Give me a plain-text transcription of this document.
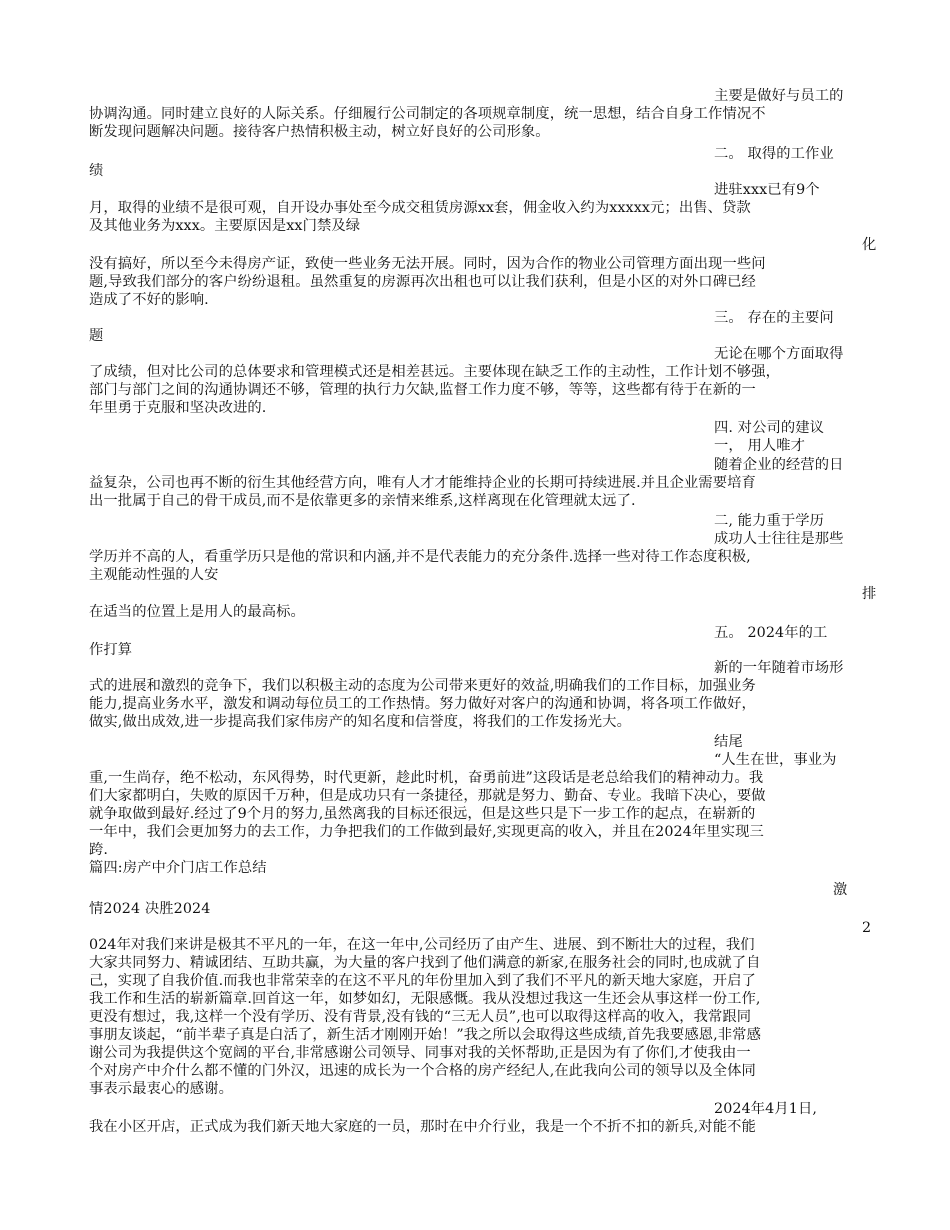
主要是做好与员工的
协调沟通。同时建立良好的人际关系。仔细履行公司制定的各项规章制度，统一思想，结合自身工作情况不
断发现问题解决问题。接待客户热情积极主动，树立好良好的公司形象。
二。 取得的工作业
绩
进驻xxx已有9个
月，取得的业绩不是很可观，自开设办事处至今成交租赁房源xx套，佣金收入约为xxxxx元；出售、贷款
及其他业务为xxx。主要原因是xx门禁及绿
化
没有搞好，所以至今未得房产证，致使一些业务无法开展。同时，因为合作的物业公司管理方面出现一些问
题,导致我们部分的客户纷纷退租。虽然重复的房源再次出租也可以让我们获利，但是小区的对外口碑已经
造成了不好的影响.
三。 存在的主要问
题
无论在哪个方面取得
了成绩，但对比公司的总体要求和管理模式还是相差甚远。主要体现在缺乏工作的主动性，工作计划不够强，
部门与部门之间的沟通协调还不够，管理的执行力欠缺,监督工作力度不够，等等，这些都有待于在新的一
年里勇于克服和坚决改进的.
四. 对公司的建议
一， 用人唯才
随着企业的经营的日
益复杂，公司也再不断的衍生其他经营方向，唯有人才才能维持企业的长期可持续进展.并且企业需要培育
出一批属于自己的骨干成员,而不是依靠更多的亲情来维系,这样离现在化管理就太远了.
二, 能力重于学历
成功人士往往是那些
学历并不高的人，看重学历只是他的常识和内涵,并不是代表能力的充分条件.选择一些对待工作态度积极,
主观能动性强的人安
排
在适当的位置上是用人的最高标。
五。 2024年的工
作打算
新的一年随着市场形
式的进展和激烈的竞争下，我们以积极主动的态度为公司带来更好的效益,明确我们的工作目标，加强业务
能力,提高业务水平，激发和调动每位员工的工作热情。努力做好对客户的沟通和协调，将各项工作做好，
做实,做出成效,进一步提高我们家伟房产的知名度和信誉度，将我们的工作发扬光大。
结尾
“人生在世，事业为
重,一生尚存，绝不松动，东风得势，时代更新，趁此时机，奋勇前进”这段话是老总给我们的精神动力。我
们大家都明白，失败的原因千万种，但是成功只有一条捷径，那就是努力、勤奋、专业。我暗下决心，要做
就争取做到最好.经过了9个月的努力,虽然离我的目标还很远，但是这些只是下一步工作的起点，在崭新的
一年中，我们会更加努力的去工作，力争把我们的工作做到最好,实现更高的收入，并且在2024年里实现三
跨.
篇四:房产中介门店工作总结
激
情2024 决胜2024
2
024年对我们来讲是极其不平凡的一年，在这一年中,公司经历了由产生、进展、到不断壮大的过程，我们
大家共同努力、精诚团结、互助共赢，为大量的客户找到了他们满意的新家,在服务社会的同时,也成就了自
己，实现了自我价值.而我也非常荣幸的在这不平凡的年份里加入到了我们不平凡的新天地大家庭，开启了
我工作和生活的崭新篇章.回首这一年，如梦如幻，无限感慨。我从没想过我这一生还会从事这样一份工作,
更没有想过，我,这样一个没有学历、没有背景,没有钱的“三无人员”,也可以取得这样高的收入，我常跟同
事朋友谈起，“前半辈子真是白活了，新生活才刚刚开始！”我之所以会取得这些成绩,首先我要感恩,非常感
谢公司为我提供这个宽阔的平台,非常感谢公司领导、同事对我的关怀帮助,正是因为有了你们,才使我由一
个对房产中介什么都不懂的门外汉，迅速的成长为一个合格的房产经纪人,在此我向公司的领导以及全体同
事表示最衷心的感谢。
2024年4月1日,
我在小区开店，正式成为我们新天地大家庭的一员，那时在中介行业，我是一个不折不扣的新兵,对能不能
